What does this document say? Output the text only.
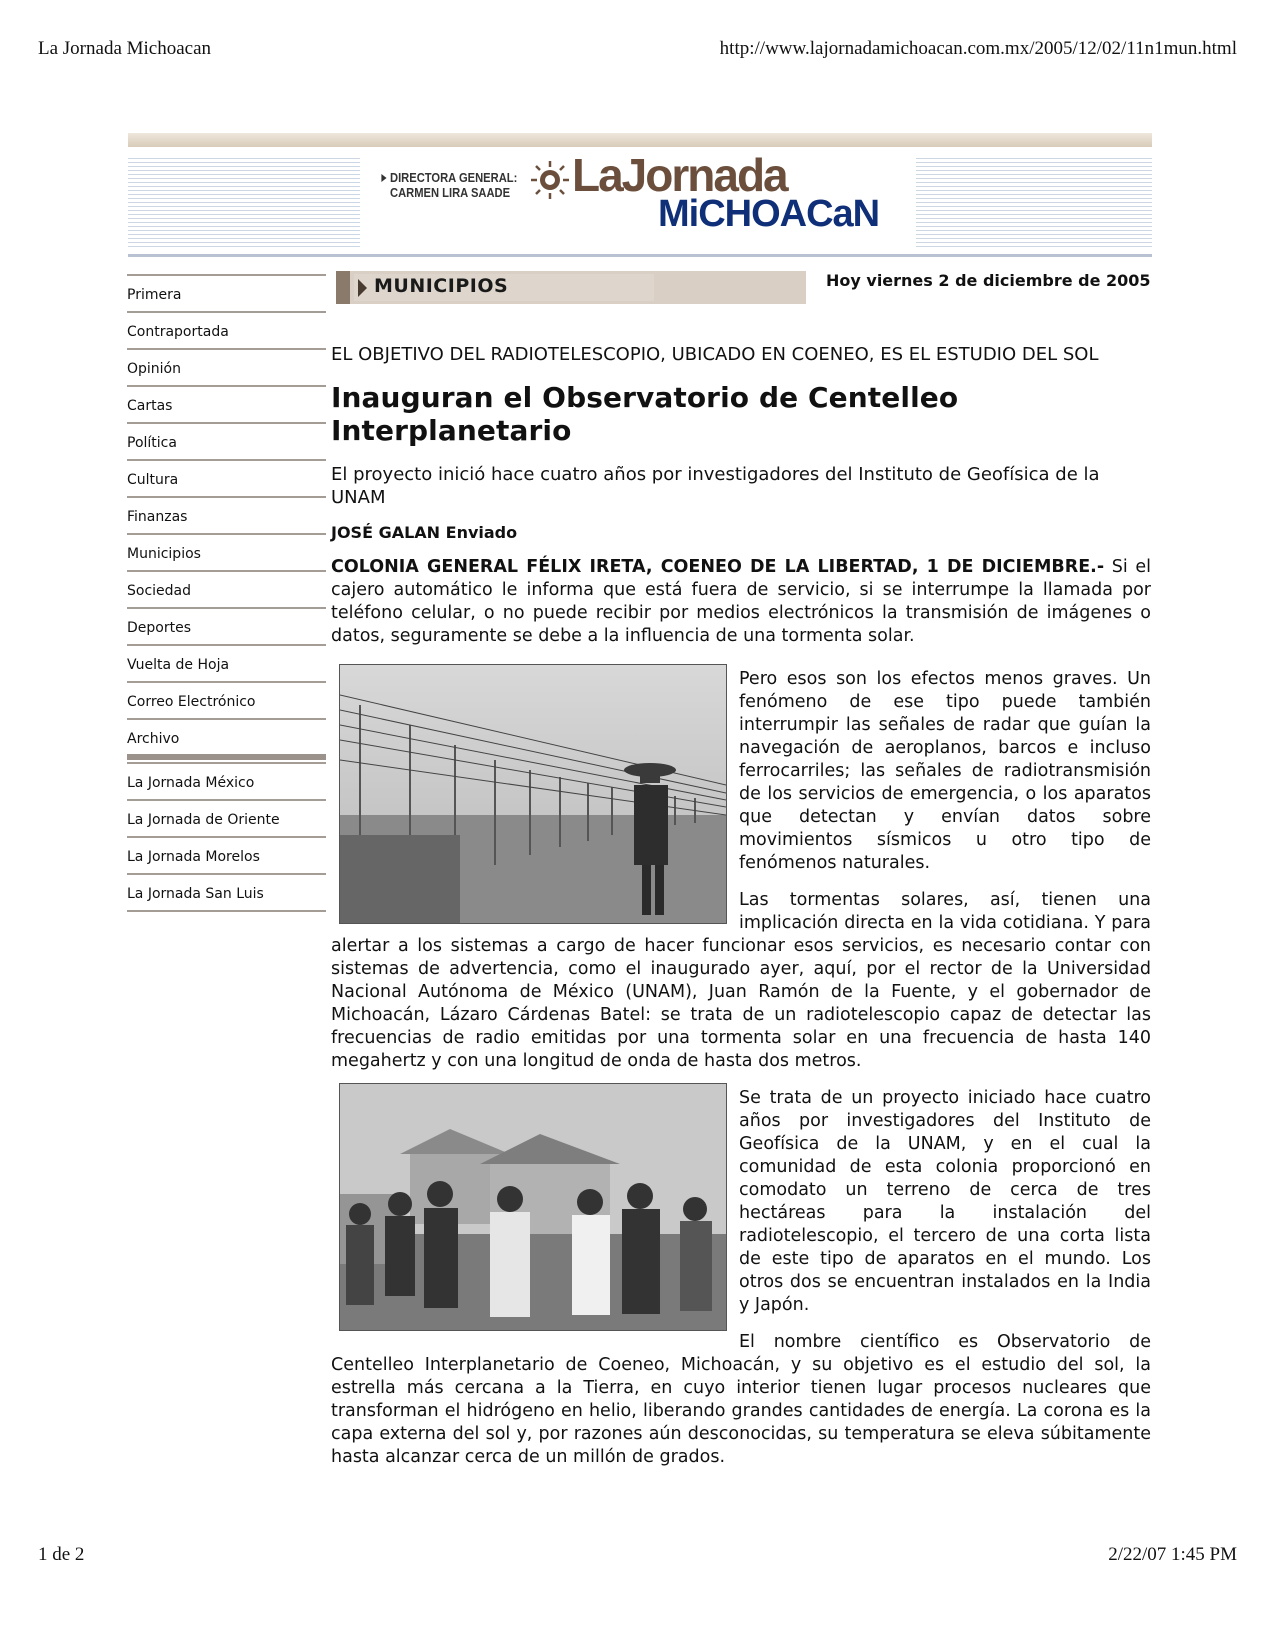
La Jornada Michoacan	http://www.lajornadamichoacan.com.mx/2005/12/02/11n1mun.html
DIRECTORA GENERAL:
CARMEN LIRA SAADE LaJornada
MiCHOACaN
Primera
Contraportada
Opinión
Cartas
Política
Cultura
Finanzas
Municipios
Sociedad
Deportes
Vuelta de Hoja
Correo Electrónico
Archivo
La Jornada México
La Jornada de Oriente
La Jornada Morelos
La Jornada San Luis
MUNICIPIOS	Hoy viernes 2 de diciembre de 2005

EL OBJETIVO DEL RADIOTELESCOPIO, UBICADO EN COENEO, ES EL ESTUDIO DEL SOL

Inauguran el Observatorio de Centelleo Interplanetario

El proyecto inició hace cuatro años por investigadores del Instituto de Geofísica de la UNAM

JOSÉ GALAN Enviado

COLONIA GENERAL FÉLIX IRETA, COENEO DE LA LIBERTAD, 1 DE DICIEMBRE.- Si el cajero automático le informa que está fuera de servicio, si se interrumpe la llamada por teléfono celular, o no puede recibir por medios electrónicos la transmisión de imágenes o datos, seguramente se debe a la influencia de una tormenta solar.

Pero esos son los efectos menos graves. Un fenómeno de ese tipo puede también interrumpir las señales de radar que guían la navegación de aeroplanos, barcos e incluso ferrocarriles; las señales de radiotransmisión de los servicios de emergencia, o los aparatos que detectan y envían datos sobre movimientos sísmicos u otro tipo de fenómenos naturales.

Las tormentas solares, así, tienen una implicación directa en la vida cotidiana. Y para alertar a los sistemas a cargo de hacer funcionar esos servicios, es necesario contar con sistemas de advertencia, como el inaugurado ayer, aquí, por el rector de la Universidad Nacional Autónoma de México (UNAM), Juan Ramón de la Fuente, y el gobernador de Michoacán, Lázaro Cárdenas Batel: se trata de un radiotelescopio capaz de detectar las frecuencias de radio emitidas por una tormenta solar en una frecuencia de hasta 140 megahertz y con una longitud de onda de hasta dos metros.

Se trata de un proyecto iniciado hace cuatro años por investigadores del Instituto de Geofísica de la UNAM, y en el cual la comunidad de esta colonia proporcionó en comodato un terreno de cerca de tres hectáreas para la instalación del radiotelescopio, el tercero de una corta lista de este tipo de aparatos en el mundo. Los otros dos se encuentran instalados en la India y Japón.

El nombre científico es Observatorio de Centelleo Interplanetario de Coeneo, Michoacán, y su objetivo es el estudio del sol, la estrella más cercana a la Tierra, en cuyo interior tienen lugar procesos nucleares que transforman el hidrógeno en helio, liberando grandes cantidades de energía. La corona es la capa externa del sol y, por razones aún desconocidas, su temperatura se eleva súbitamente hasta alcanzar cerca de un millón de grados.

1 de 2	2/22/07 1:45 PM
